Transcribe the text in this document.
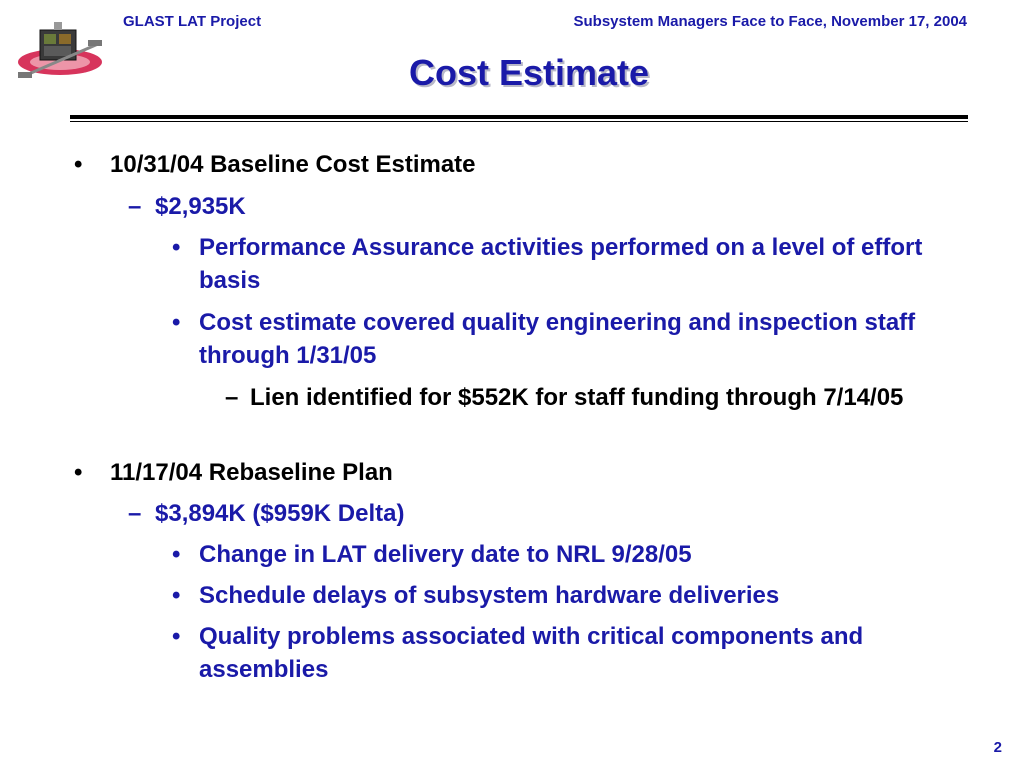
GLAST LAT Project	Subsystem Managers Face to Face, November 17, 2004
Cost Estimate
• 10/31/04 Baseline Cost Estimate
– $2,935K
• Performance Assurance activities performed on a level of effort basis
• Cost estimate covered quality engineering and inspection staff through 1/31/05
– Lien identified for $552K for staff funding through 7/14/05
• 11/17/04 Rebaseline Plan
– $3,894K ($959K Delta)
• Change in LAT delivery date to NRL 9/28/05
• Schedule delays of subsystem hardware deliveries
• Quality problems associated with critical components and assemblies
2
